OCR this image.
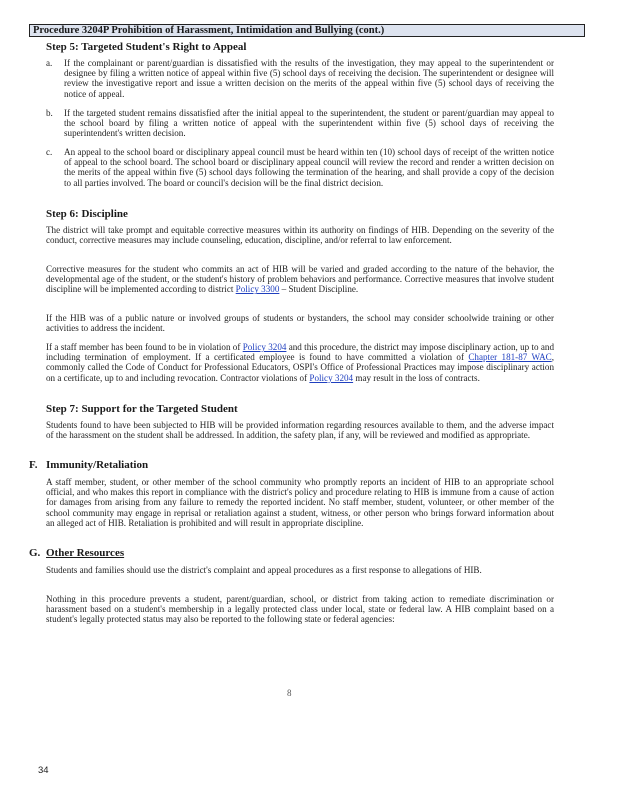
Procedure 3204P Prohibition of Harassment, Intimidation and Bullying (cont.)
Step 5: Targeted Student's Right to Appeal
a.	If the complainant or parent/guardian is dissatisfied with the results of the investigation, they may appeal to the superintendent or designee by filing a written notice of appeal within five (5) school days of receiving the decision. The superintendent or designee will review the investigative report and issue a written decision on the merits of the appeal within five (5) school days of receiving the notice of appeal.
b.	If the targeted student remains dissatisfied after the initial appeal to the superintendent, the student or parent/guardian may appeal to the school board by filing a written notice of appeal with the superintendent within five (5) school days of receiving the superintendent's written decision.
c.	An appeal to the school board or disciplinary appeal council must be heard within ten (10) school days of receipt of the written notice of appeal to the school board. The school board or disciplinary appeal council will review the record and render a written decision on the merits of the appeal within five (5) school days following the termination of the hearing, and shall provide a copy of the decision to all parties involved. The board or council's decision will be the final district decision.
Step 6: Discipline
The district will take prompt and equitable corrective measures within its authority on findings of HIB. Depending on the severity of the conduct, corrective measures may include counseling, education, discipline, and/or referral to law enforcement.
Corrective measures for the student who commits an act of HIB will be varied and graded according to the nature of the behavior, the developmental age of the student, or the student's history of problem behaviors and performance. Corrective measures that involve student discipline will be implemented according to district Policy 3300 – Student Discipline.
If the HIB was of a public nature or involved groups of students or bystanders, the school may consider schoolwide training or other activities to address the incident.
If a staff member has been found to be in violation of Policy 3204 and this procedure, the district may impose disciplinary action, up to and including termination of employment. If a certificated employee is found to have committed a violation of Chapter 181-87 WAC, commonly called the Code of Conduct for Professional Educators, OSPI's Office of Professional Practices may impose disciplinary action on a certificate, up to and including revocation. Contractor violations of Policy 3204 may result in the loss of contracts.
Step 7: Support for the Targeted Student
Students found to have been subjected to HIB will be provided information regarding resources available to them, and the adverse impact of the harassment on the student shall be addressed. In addition, the safety plan, if any, will be reviewed and modified as appropriate.
F. Immunity/Retaliation
A staff member, student, or other member of the school community who promptly reports an incident of HIB to an appropriate school official, and who makes this report in compliance with the district's policy and procedure relating to HIB is immune from a cause of action for damages from arising from any failure to remedy the reported incident. No staff member, student, volunteer, or other member of the school community may engage in reprisal or retaliation against a student, witness, or other person who brings forward information about an alleged act of HIB. Retaliation is prohibited and will result in appropriate discipline.
G. Other Resources
Students and families should use the district's complaint and appeal procedures as a first response to allegations of HIB.
Nothing in this procedure prevents a student, parent/guardian, school, or district from taking action to remediate discrimination or harassment based on a student's membership in a legally protected class under local, state or federal law. A HIB complaint based on a student's legally protected status may also be reported to the following state or federal agencies:
8
34
